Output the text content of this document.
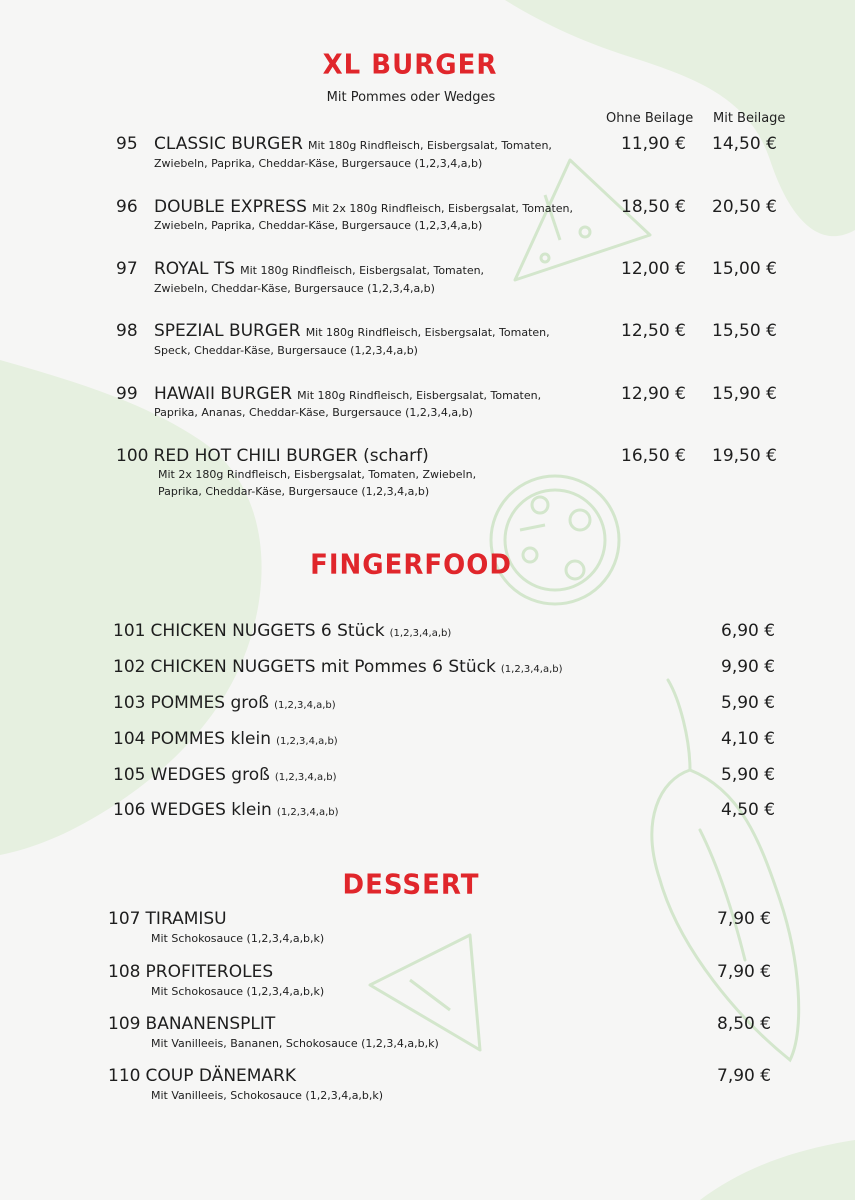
XL BURGER
Mit Pommes oder Wedges
Ohne Beilage Mit Beilage
95 CLASSIC BURGER Mit 180g Rindfleisch, Eisbergsalat, Tomaten,
Zwiebeln, Paprika, Cheddar-Käse, Burgersauce (1,2,3,4,a,b)
11,90 € 14,50 €
96 DOUBLE EXPRESS Mit 2x 180g Rindfleisch, Eisbergsalat, Tomaten,
Zwiebeln, Paprika, Cheddar-Käse, Burgersauce (1,2,3,4,a,b)
18,50 € 20,50 €
97 ROYAL TS Mit 180g Rindfleisch, Eisbergsalat, Tomaten,
Zwiebeln, Cheddar-Käse, Burgersauce (1,2,3,4,a,b)
12,00 € 15,00 €
98 SPEZIAL BURGER Mit 180g Rindfleisch, Eisbergsalat, Tomaten,
Speck, Cheddar-Käse, Burgersauce (1,2,3,4,a,b)
12,50 € 15,50 €
99 HAWAII BURGER Mit 180g Rindfleisch, Eisbergsalat, Tomaten,
Paprika, Ananas, Cheddar-Käse, Burgersauce (1,2,3,4,a,b)
12,90 € 15,90 €
100 RED HOT CHILI BURGER (scharf)
Mit 2x 180g Rindfleisch, Eisbergsalat, Tomaten, Zwiebeln,
Paprika, Cheddar-Käse, Burgersauce (1,2,3,4,a,b)
16,50 € 19,50 €
FINGERFOOD
101 CHICKEN NUGGETS 6 Stück (1,2,3,4,a,b)	6,90 €
102 CHICKEN NUGGETS mit Pommes 6 Stück (1,2,3,4,a,b)	9,90 €
103 POMMES groß (1,2,3,4,a,b)	5,90 €
104 POMMES klein (1,2,3,4,a,b)	4,10 €
105 WEDGES groß (1,2,3,4,a,b)	5,90 €
106 WEDGES klein (1,2,3,4,a,b)	4,50 €
DESSERT
107 TIRAMISU
Mit Schokosauce (1,2,3,4,a,b,k)
7,90 €
108 PROFITEROLES
Mit Schokosauce (1,2,3,4,a,b,k)
7,90 €
109 BANANENSPLIT
Mit Vanilleeis, Bananen, Schokosauce (1,2,3,4,a,b,k)
8,50 €
110 COUP DÄNEMARK
Mit Vanilleeis, Schokosauce (1,2,3,4,a,b,k)
7,90 €
